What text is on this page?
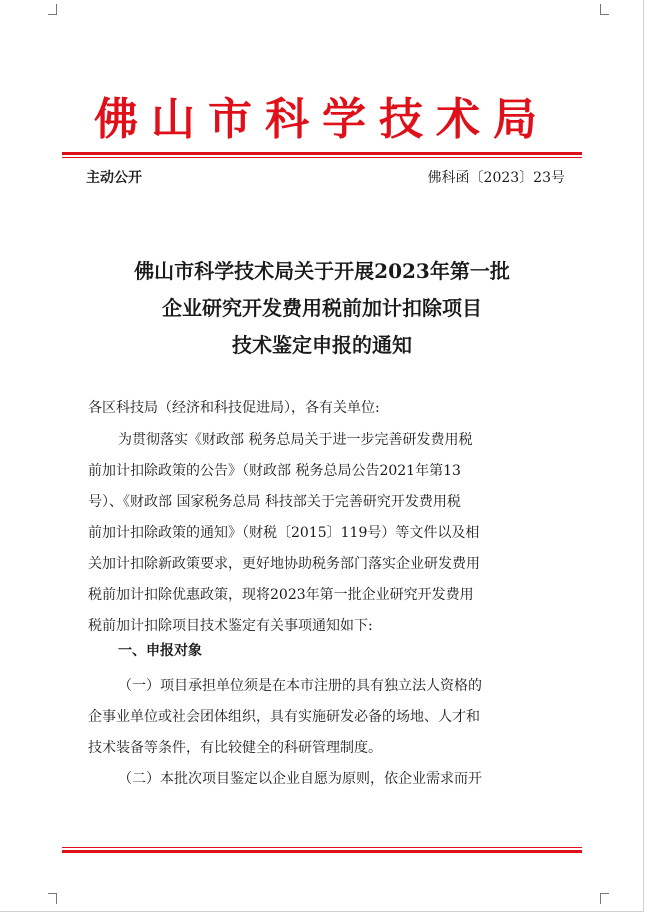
佛山市科学技术局
主动公开	佛科函〔2023〕23号
佛山市科学技术局关于开展2023年第一批
企业研究开发费用税前加计扣除项目
技术鉴定申报的通知
各区科技局（经济和科技促进局），各有关单位:
为贯彻落实《财政部 税务总局关于进一步完善研发费用税
前加计扣除政策的公告》（财政部 税务总局公告2021年第13
号）、《财政部 国家税务总局 科技部关于完善研究开发费用税
前加计扣除政策的通知》（财税〔2015〕119号）等文件以及相
关加计扣除新政策要求，更好地协助税务部门落实企业研发费用
税前加计扣除优惠政策，现将2023年第一批企业研究开发费用
税前加计扣除项目技术鉴定有关事项通知如下:
一、申报对象
（一）项目承担单位须是在本市注册的具有独立法人资格的
企事业单位或社会团体组织，具有实施研发必备的场地、人才和
技术装备等条件，有比较健全的科研管理制度。
（二）本批次项目鉴定以企业自愿为原则，依企业需求而开
